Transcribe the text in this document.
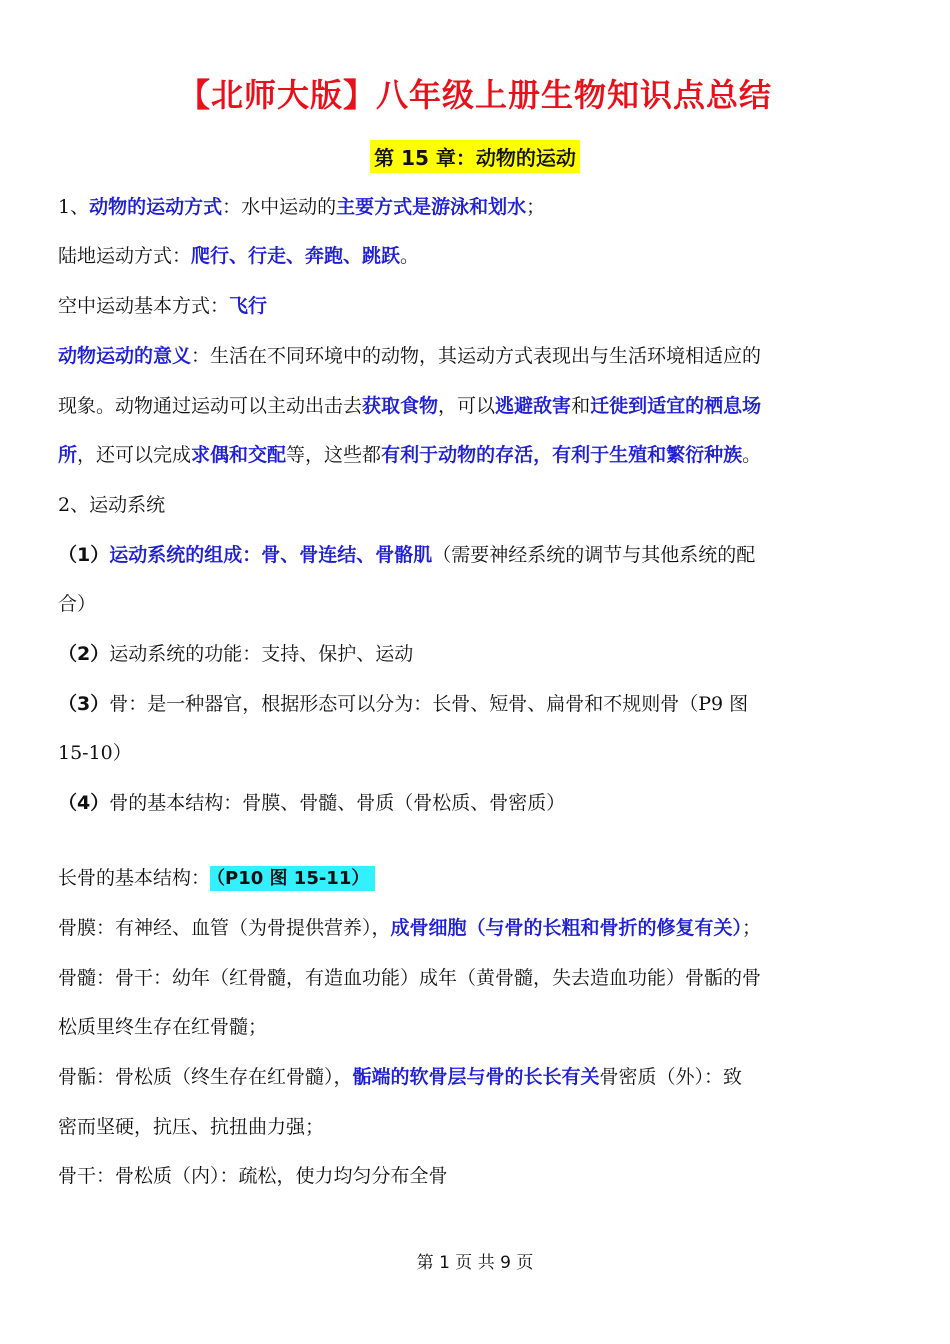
【北师大版】八年级上册生物知识点总结
第 15 章：动物的运动
1、动物的运动方式：水中运动的主要方式是游泳和划水；
陆地运动方式：爬行、行走、奔跑、跳跃。
空中运动基本方式：飞行
动物运动的意义：生活在不同环境中的动物，其运动方式表现出与生活环境相适应的
现象。动物通过运动可以主动出击去获取食物，可以逃避敌害和迁徙到适宜的栖息场
所，还可以完成求偶和交配等，这些都有利于动物的存活，有利于生殖和繁衍种族。
2、运动系统
（1）运动系统的组成：骨、骨连结、骨骼肌（需要神经系统的调节与其他系统的配
合）
（2）运动系统的功能：支持、保护、运动
（3）骨：是一种器官，根据形态可以分为：长骨、短骨、扁骨和不规则骨（P9 图
15-10）
（4）骨的基本结构：骨膜、骨髓、骨质（骨松质、骨密质）
长骨的基本结构： （P10 图 15-11）
骨膜：有神经、血管（为骨提供营养），成骨细胞（与骨的长粗和骨折的修复有关）；
骨髓：骨干：幼年（红骨髓，有造血功能）成年（黄骨髓，失去造血功能）骨骺的骨
松质里终生存在红骨髓；
骨骺：骨松质（终生存在红骨髓），骺端的软骨层与骨的长长有关骨密质（外）：致
密而坚硬，抗压、抗扭曲力强；
骨干：骨松质（内）：疏松，使力均匀分布全骨
第 1 页 共 9 页
